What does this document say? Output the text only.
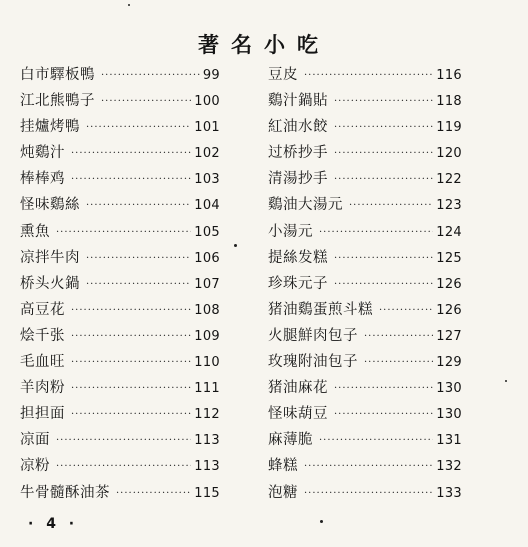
著名小吃
白市驛板鴨 ·····	99
江北熊鴨子 ·····	100
挂爐烤鴨 ·····	101
炖鷄汁 ·····	102
棒棒鸡 ·····	103
怪味鷄絲 ·····	104
熏魚 ·····	105
凉拌牛肉 ·····	106
桥头火鍋 ·····	107
高豆花 ·····	108
烩千张 ·····	109
毛血旺 ·····	110
羊肉粉 ·····	111
担担面 ·····	112
凉面 ·····	113
凉粉 ·····	113
牛骨髓酥油茶 ·····	115
豆皮 ·····	116
鷄汁鍋貼 ·····	118
紅油水餃 ·····	119
过桥抄手 ·····	120
清湯抄手 ·····	122
鷄油大湯元 ·····	123
小湯元 ·····	124
提絲发糕 ·····	125
珍珠元子 ·····	126
猪油鷄蛋煎斗糕 ·····	126
火腿鮮肉包子 ·····	127
玫瑰附油包子 ·····	129
猪油麻花 ·····	130
怪味葫豆 ·····	130
麻薄脆 ·····	131
蜂糕 ·····	132
泡糖 ·····	133
· 4 ·
